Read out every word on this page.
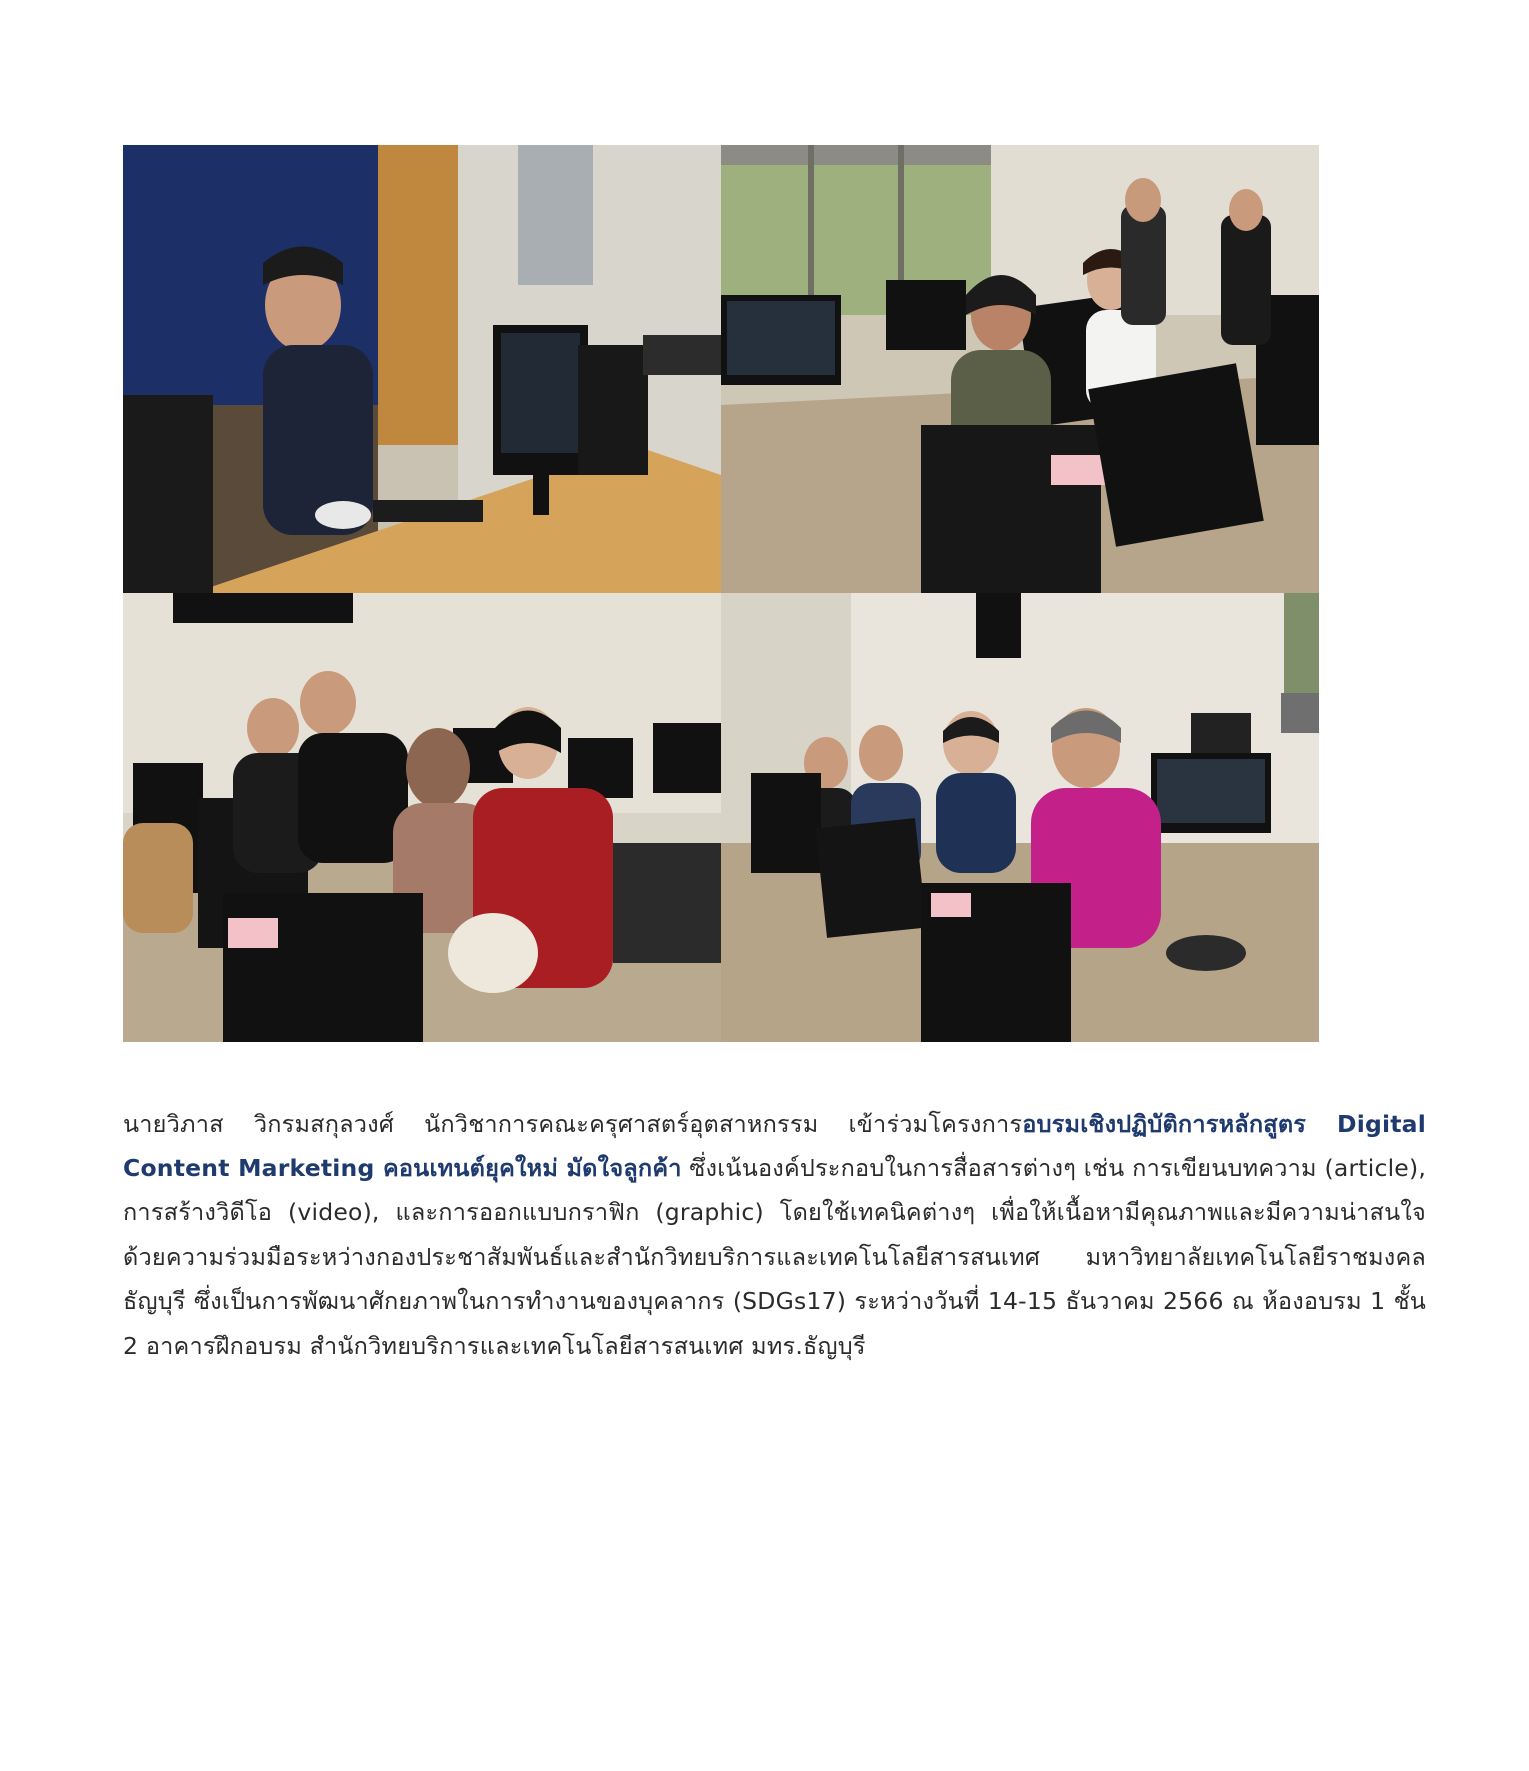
นายวิภาส วิกรมสกุลวงศ์ นักวิชาการคณะครุศาสตร์อุตสาหกรรม เข้าร่วมโครงการอบรมเชิงปฏิบัติการหลักสูตร Digital Content Marketing คอนเทนต์ยุคใหม่ มัดใจลูกค้า ซึ่งเน้นองค์ประกอบในการสื่อสารต่างๆ เช่น การเขียนบทความ (article), การสร้างวิดีโอ (video), และการออกแบบกราฟิก (graphic) โดยใช้เทคนิคต่างๆ เพื่อให้เนื้อหามีคุณภาพและมีความน่าสนใจ ด้วยความร่วมมือระหว่างกองประชาสัมพันธ์และสำนักวิทยบริการและเทคโนโลยีสารสนเทศ มหาวิทยาลัยเทคโนโลยีราชมงคลธัญบุรี ซึ่งเป็นการพัฒนาศักยภาพในการทำงานของบุคลากร (SDGs17) ระหว่างวันที่ 14-15 ธันวาคม 2566 ณ ห้องอบรม 1 ชั้น 2 อาคารฝึกอบรม สำนักวิทยบริการและเทคโนโลยีสารสนเทศ มทร.ธัญบุรี
